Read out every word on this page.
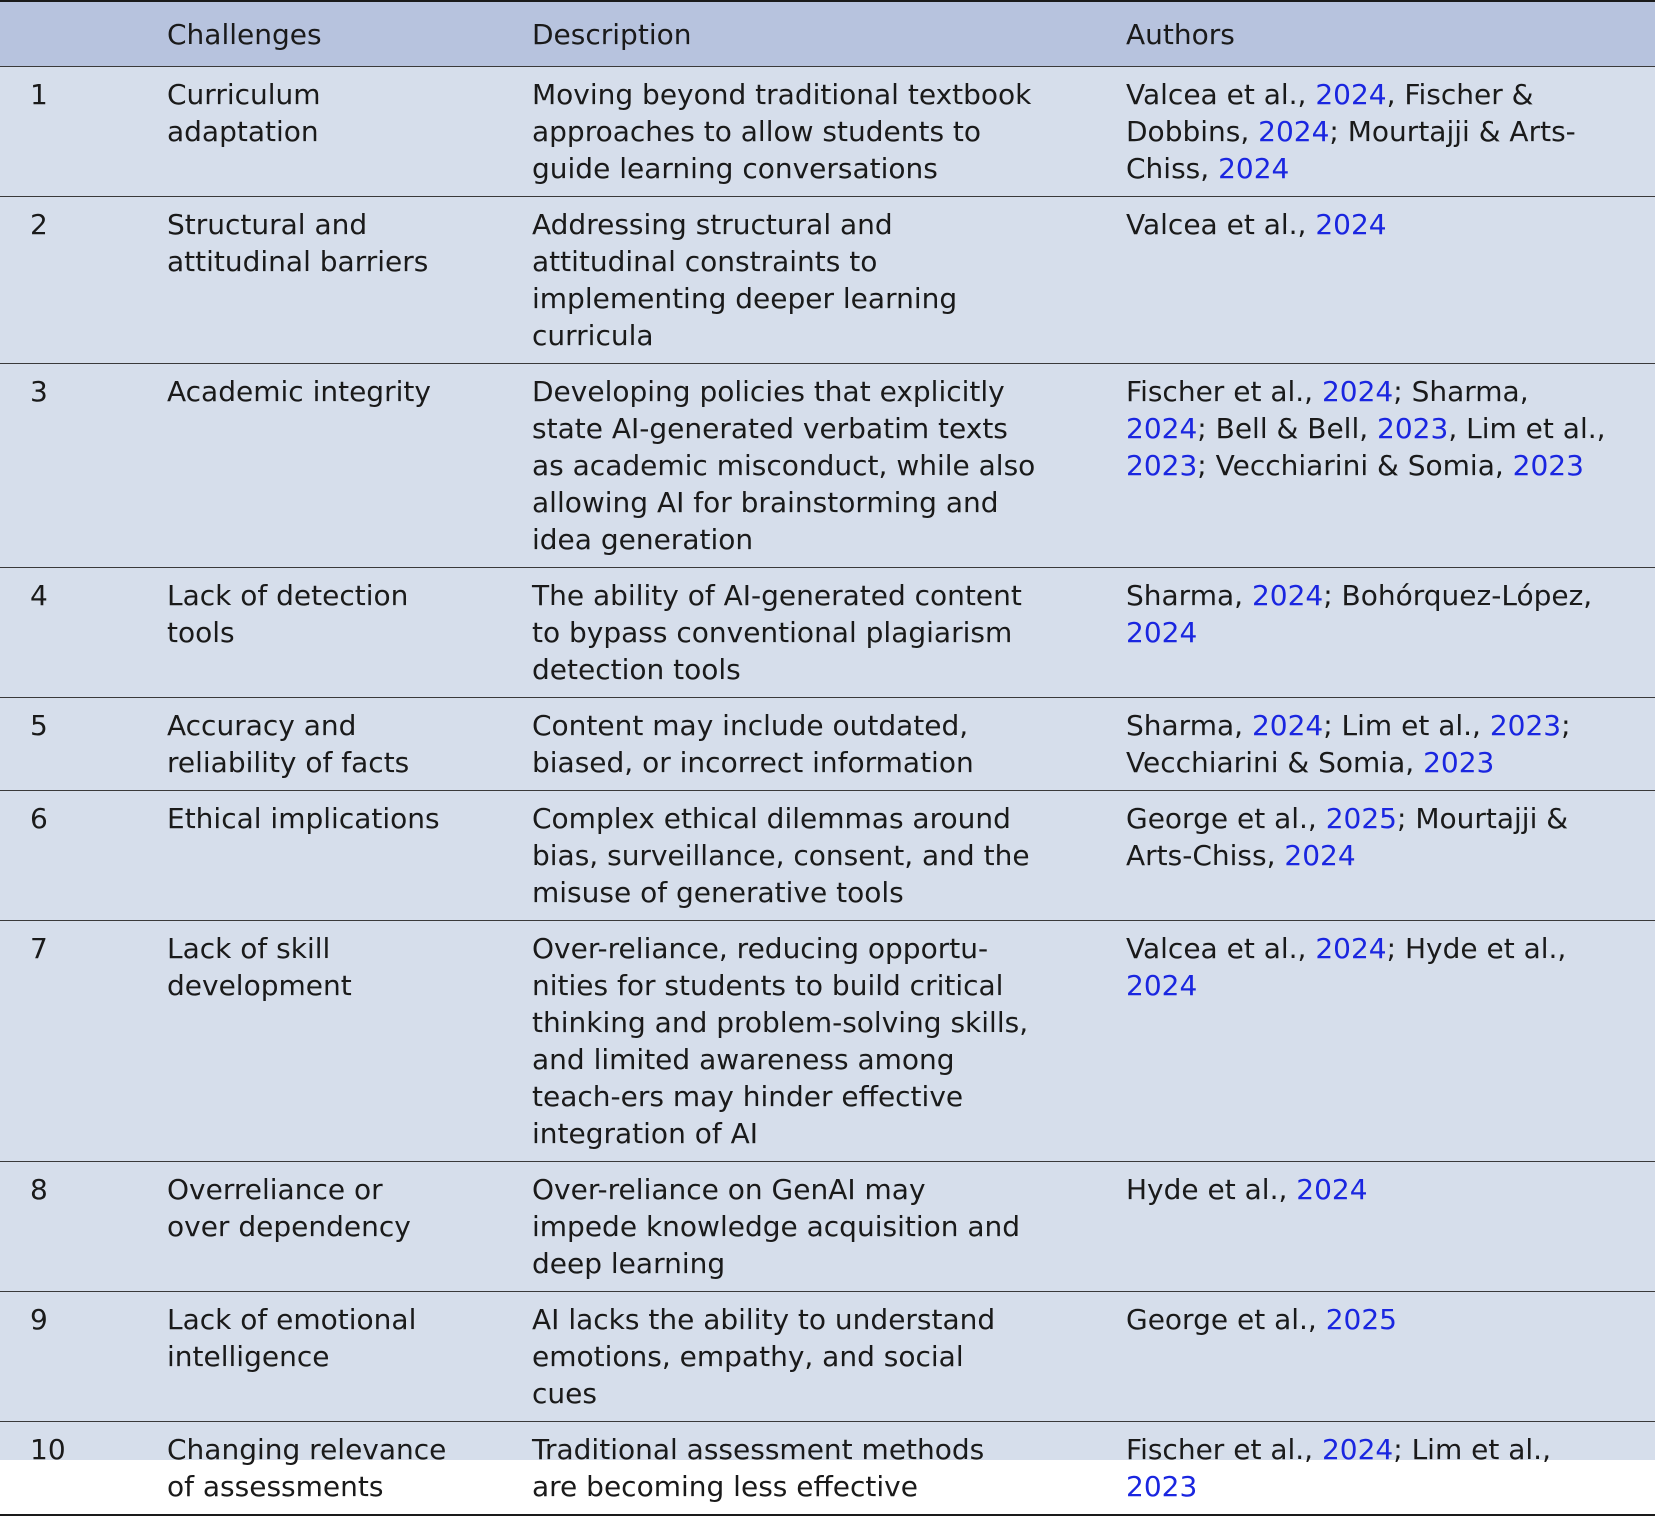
	Challenges	Description	Authors
1	Curriculum adaptation	Moving beyond traditional textbook approaches to allow students to guide learning conversations	Valcea et al., 2024, Fischer & Dobbins, 2024; Mourtajji & Arts-Chiss, 2024

2	Structural and attitudinal barriers	Addressing structural and attitudinal constraints to implementing deeper learning curricula	Valcea et al., 2024

3	Academic integrity	Developing policies that explicitly state AI-generated verbatim texts as academic misconduct, while also allowing AI for brainstorming and idea generation	Fischer et al., 2024; Sharma, 2024; Bell & Bell, 2023, Lim et al., 2023; Vecchiarini & Somia, 2023

4	Lack of detection tools	The ability of AI-generated content to bypass conventional plagiarism detection tools	Sharma, 2024; Bohórquez-López, 2024

5	Accuracy and reliability of facts	Content may include outdated, biased, or incorrect information	Sharma, 2024; Lim et al., 2023; Vecchiarini & Somia, 2023

6	Ethical implications	Complex ethical dilemmas around bias, surveillance, consent, and the misuse of generative tools	George et al., 2025; Mourtajji & Arts-Chiss, 2024

7	Lack of skill development	Over-reliance, reducing opportu-nities for students to build critical thinking and problem-solving skills, and limited awareness among teach-ers may hinder effective integration of AI	Valcea et al., 2024; Hyde et al., 2024

8	Overreliance or over dependency	Over-reliance on GenAI may impede knowledge acquisition and deep learning	Hyde et al., 2024

9	Lack of emotional intelligence	AI lacks the ability to understand emotions, empathy, and social cues	George et al., 2025

10	Changing relevance of assessments	Traditional assessment methods are becoming less effective	Fischer et al., 2024; Lim et al., 2023
